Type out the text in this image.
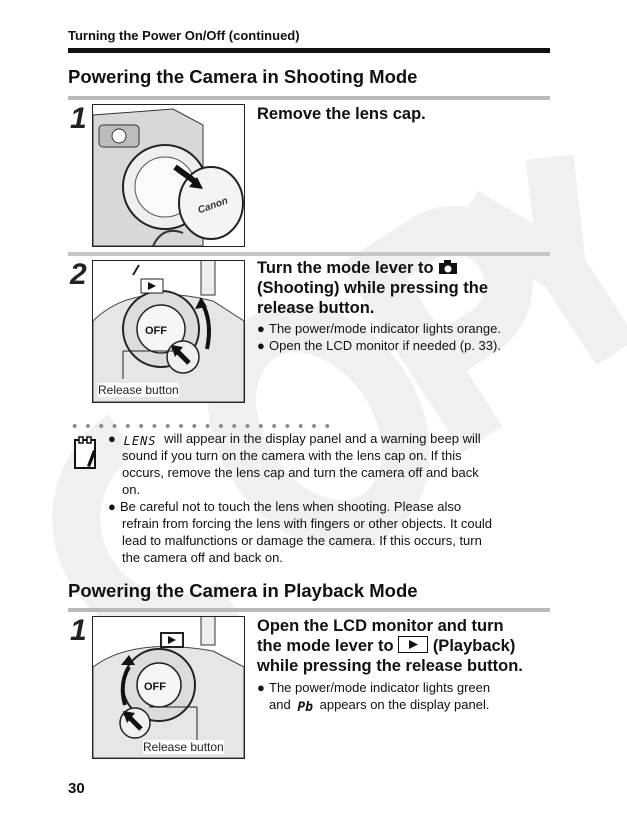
Turning the Power On/Off (continued)
Powering the Camera in Shooting Mode
1
Canon
Remove the lens cap.
2
OFF
Release button
Turn the mode lever to
(Shooting) while pressing the
release button.
● The power/mode indicator lights orange.
● Open the LCD monitor if needed (p. 33).
● LENS will appear in the display panel and a warning beep will
sound if you turn on the camera with the lens cap on. If this
occurs, remove the lens cap and turn the camera off and back
on.
● Be careful not to touch the lens when shooting. Please also
refrain from forcing the lens with fingers or other objects. It could
lead to malfunctions or damage the camera. If this occurs, turn
the camera off and back on.
Powering the Camera in Playback Mode
1
OFF
Release button
Open the LCD monitor and turn
the mode lever to (Playback)
while pressing the release button.
● The power/mode indicator lights green
and Pb appears on the display panel.
30
